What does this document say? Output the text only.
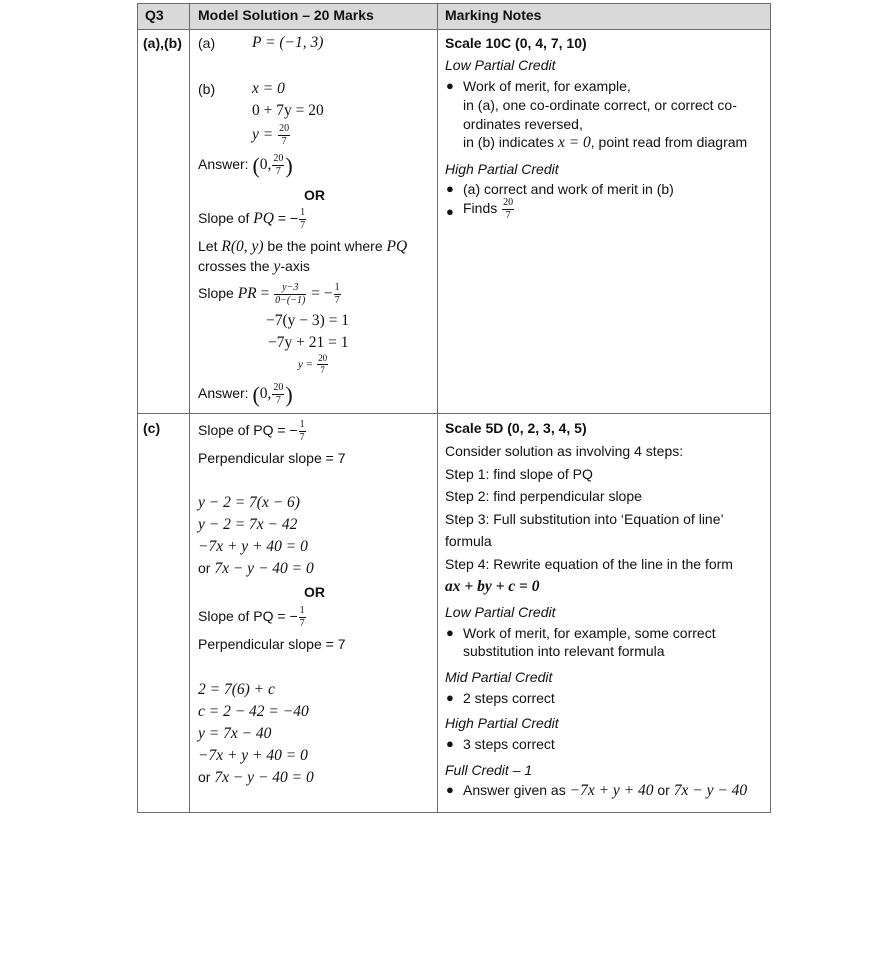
Q3 Model Solution – 20 Marks	Marking Notes
(a),(b) (a) P = (−1, 3)
(b) x = 0
0 + 7y = 20
$y = \frac{20}{7}$
Answer: (0, $\frac{20}{7}$ )
OR
Slope of PQ = − $\frac{1}{7}$
Let R(0, y) be the point where PQ
crosses the y-axis
Slope PR = $\frac{y-3}{0-(-1)}$ = − $\frac{1}{7}$
−7(y − 3) = 1
−7y + 21 = 1
$y = \frac{20}{7}$
Answer: (0, $\frac{20}{7}$ )
Scale 10C (0, 4, 7, 10)
Low Partial Credit
● Work of merit, for example,
in (a), one co-ordinate correct, or correct co-
ordinates reversed,
in (b) indicates x = 0, point read from diagram
High Partial Credit
● (a) correct and work of merit in (b)
● Finds $\frac{20}{7}$
(c)	Slope of PQ = − $\frac{1}{7}$
Perpendicular slope = 7
y − 2 = 7(x − 6)
y − 2 = 7x − 42
−7x + y + 40 = 0
or 7x − y − 40 = 0
OR
Slope of PQ = − $\frac{1}{7}$
Perpendicular slope = 7
2 = 7(6) + c
c = 2 − 42 = −40
y = 7x − 40
−7x + y + 40 = 0
or 7x − y − 40 = 0
Scale 5D (0, 2, 3, 4, 5)
Consider solution as involving 4 steps:
Step 1: find slope of PQ
Step 2: find perpendicular slope
Step 3: Full substitution into ‘Equation of line’
formula
Step 4: Rewrite equation of the line in the form
ax + by + c = 0
Low Partial Credit
● Work of merit, for example, some correct
substitution into relevant formula
Mid Partial Credit
● 2 steps correct
High Partial Credit
● 3 steps correct
Full Credit – 1
● Answer given as −7x + y + 40 or 7x − y − 40
